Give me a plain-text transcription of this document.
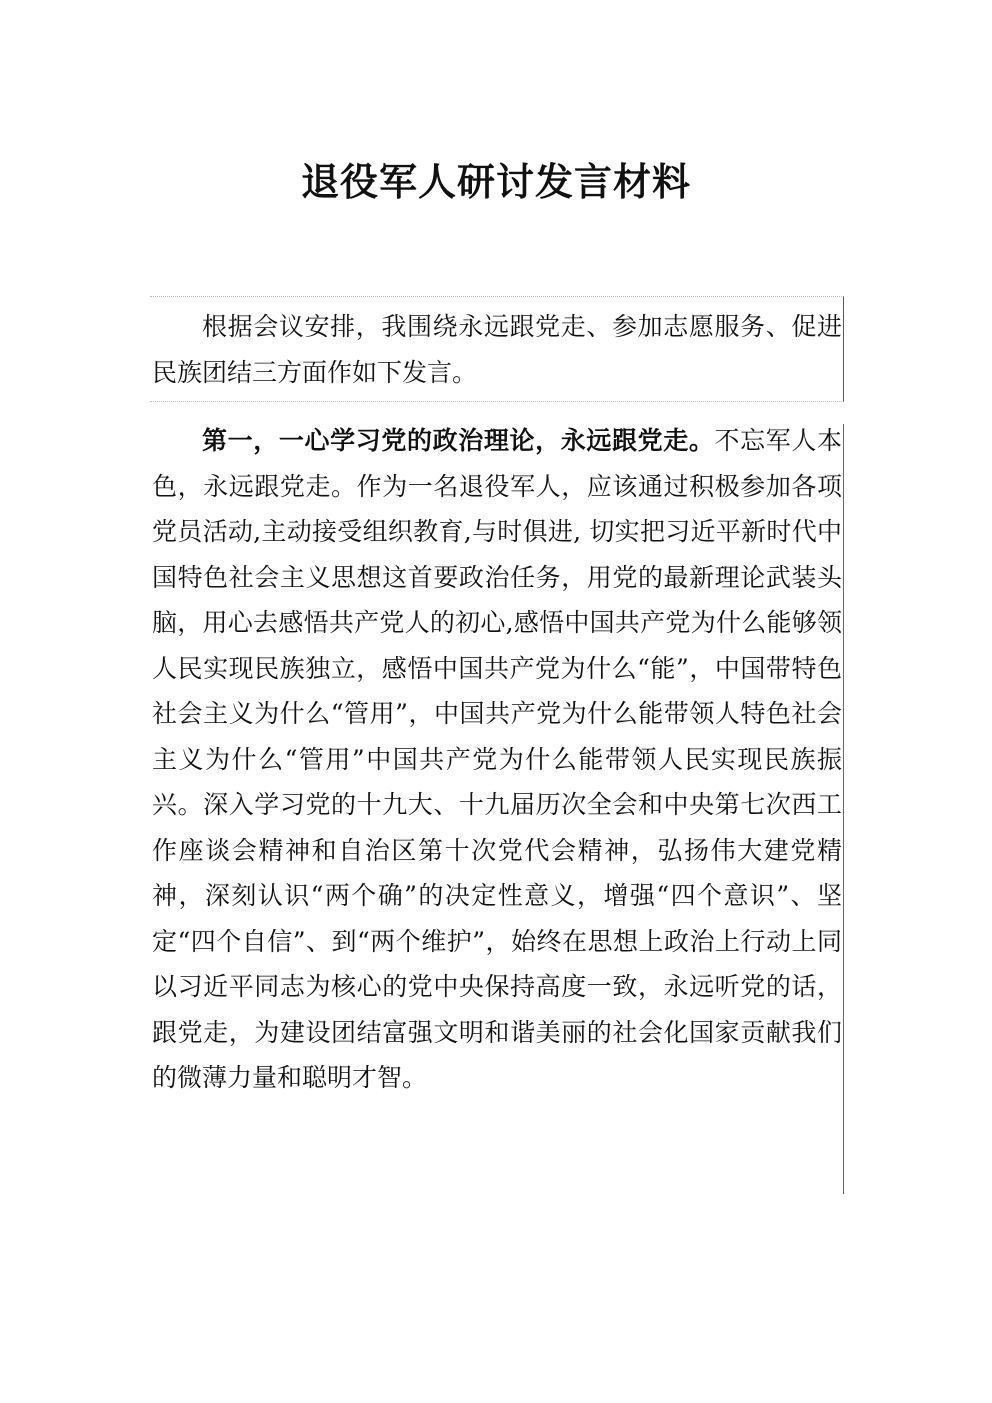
退役军人研讨发言材料

根据会议安排，我围绕永远跟党走、参加志愿服务、促进民族团结三方面作如下发言。

第一，一心学习党的政治理论，永远跟党走。不忘军人本色，永远跟党走。作为一名退役军人，应该通过积极参加各项党员活动,主动接受组织教育,与时俱进, 切实把习近平新时代中国特色社会主义思想这首要政治任务，用党的最新理论武装头脑，用心去感悟共产党人的初心,感悟中国共产党为什么能够领人民实现民族独立，感悟中国共产党为什么“能”，中国带特色社会主义为什么“管用”，中国共产党为什么能带领人特色社会主义为什么“管用”中国共产党为什么能带领人民实现民族振兴。深入学习党的十九大、十九届历次全会和中央第七次西工作座谈会精神和自治区第十次党代会精神，弘扬伟大建党精神，深刻认识“两个确”的决定性意义，增强“四个意识”、坚定“四个自信”、到“两个维护”，始终在思想上政治上行动上同以习近平同志为核心的党中央保持高度一致，永远听党的话，跟党走，为建设团结富强文明和谐美丽的社会化国家贡献我们的微薄力量和聪明才智。
